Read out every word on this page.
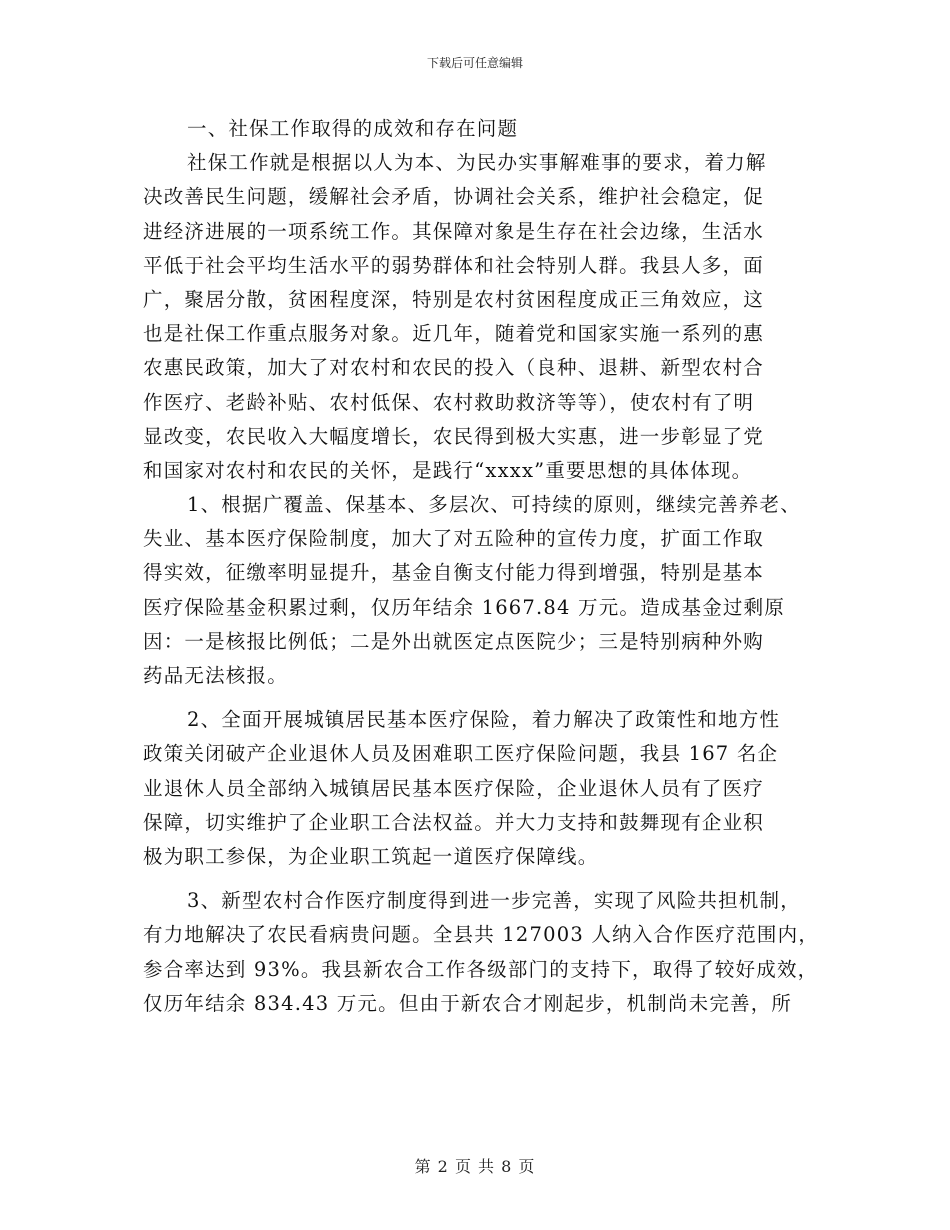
下载后可任意编辑
一、社保工作取得的成效和存在问题
社保工作就是根据以人为本、为民办实事解难事的要求，着力解
决改善民生问题，缓解社会矛盾，协调社会关系，维护社会稳定，促
进经济进展的一项系统工作。其保障对象是生存在社会边缘，生活水
平低于社会平均生活水平的弱势群体和社会特别人群。我县人多，面
广，聚居分散，贫困程度深，特别是农村贫困程度成正三角效应，这
也是社保工作重点服务对象。近几年，随着党和国家实施一系列的惠
农惠民政策，加大了对农村和农民的投入（良种、退耕、新型农村合
作医疗、老龄补贴、农村低保、农村救助救济等等），使农村有了明
显改变，农民收入大幅度增长，农民得到极大实惠，进一步彰显了党
和国家对农村和农民的关怀，是践行“xxxx”重要思想的具体体现。
1、根据广覆盖、保基本、多层次、可持续的原则，继续完善养老、
失业、基本医疗保险制度，加大了对五险种的宣传力度，扩面工作取
得实效，征缴率明显提升，基金自衡支付能力得到增强，特别是基本
医疗保险基金积累过剩，仅历年结余 1667.84 万元。造成基金过剩原
因：一是核报比例低；二是外出就医定点医院少；三是特别病种外购
药品无法核报。
2、全面开展城镇居民基本医疗保险，着力解决了政策性和地方性
政策关闭破产企业退休人员及困难职工医疗保险问题，我县 167 名企
业退休人员全部纳入城镇居民基本医疗保险，企业退休人员有了医疗
保障，切实维护了企业职工合法权益。并大力支持和鼓舞现有企业积
极为职工参保，为企业职工筑起一道医疗保障线。
3、新型农村合作医疗制度得到进一步完善，实现了风险共担机制，
有力地解决了农民看病贵问题。全县共 127003 人纳入合作医疗范围内，
参合率达到 93%。我县新农合工作各级部门的支持下，取得了较好成效，
仅历年结余 834.43 万元。但由于新农合才刚起步，机制尚未完善，所
第 2 页 共 8 页
